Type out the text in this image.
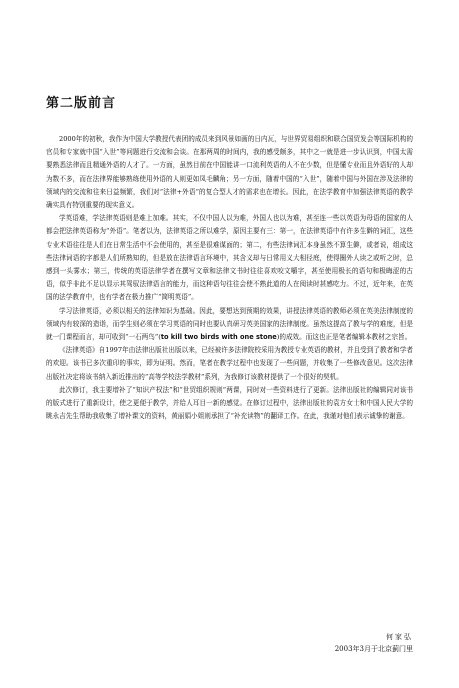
第二版前言

2000年的初秋，我作为中国大学教授代表团的成员来到风景如画的日内瓦，与世界贸易组织和联合国贸发会等国际机构的官员和专家就中国“入世”等问题进行交流和会谈。在那两周的时间内，我的感受颇多，其中之一就是进一步认识到，中国太需要熟悉法律而且精通外语的人才了。一方面，虽然目前在中国能讲一口流利英语的人不在少数，但是懂专业而且外语好的人却为数不多，而在法律界能够熟练使用外语的人则更如凤毛麟角；另一方面，随着中国的“入世”，随着中国与外国在涉及法律的领域内的交流和往来日益频繁，我们对“法律+外语”的复合型人才的需求也在增长。因此，在法学教育中加强法律英语的教学确实具有特别重要的现实意义。

学英语难，学法律英语则是难上加难。其实，不仅中国人以为难，外国人也以为难，甚至连一些以英语为母语的国家的人都会把法律英语称为“外语”。笔者以为，法律英语之所以难学，原因主要有三：第一，在法律英语中有许多生僻的词汇，这些专业术语往往是人们在日常生活中不会使用的，甚至是很难谋面的；第二，有些法律词汇本身虽然不算生僻，或者说，组成这些法律词语的字都是人们所熟知的，但是放在法律语言环境中，其含义却与日常用义大相径庭，使得圈外人读之或听之时，总感到一头雾水；第三，传统的英语法律学者在撰写文章和法律文书时往往喜欢咬文嚼字，甚至使用极长的语句和极晦涩的古语，似乎非此不足以显示其驾驭法律语言的能力，而这种语句往往会使不熟此道的人在阅读时甚感吃力。不过，近年来，在英国的法学教育中，也有学者在极力推广“简明英语”。

学习法律英语，必须以相关的法律知识为基础。因此，要想达到预期的效果，讲授法律英语的教师必须在英美法律制度的领域内有较深的造诣，而学生则必须在学习英语的同时也要认真研习英美国家的法律制度。虽然这提高了教与学的难度，但是就一门课程而言，却可收到“一石两鸟”(to kill two birds with one stone)的成效。而这也正是笔者编辑本教材之宗旨。

《法律英语》自1997年由法律出版社出版以来，已经被许多法律院校采用为教授专业英语的教材，并且受到了教者和学者的欢迎。该书已多次重印的事实，即为证明。然而，笔者在教学过程中也发现了一些问题，并收集了一些修改意见。这次法律出版社决定将该书纳入新近推出的“高等学校法学教材”系列，为我修订该教材提供了一个很好的契机。

此次修订，我主要增补了“知识产权法”和“世贸组织规则”两课，同时对一些资料进行了更新。法律出版社的编辑同对该书的版式进行了重新设计，使之更便于教学，并给人耳目一新的感觉。在修订过程中，法律出版社的袁方女士和中国人民大学的眺永吉先生帮助我收集了增补课文的资料，黄丽娟小姐则承担了“补充读物”的翻译工作。在此，我谨对他们表示诚挚的谢意。

何家弘
2003年3月于北京蓟门里
